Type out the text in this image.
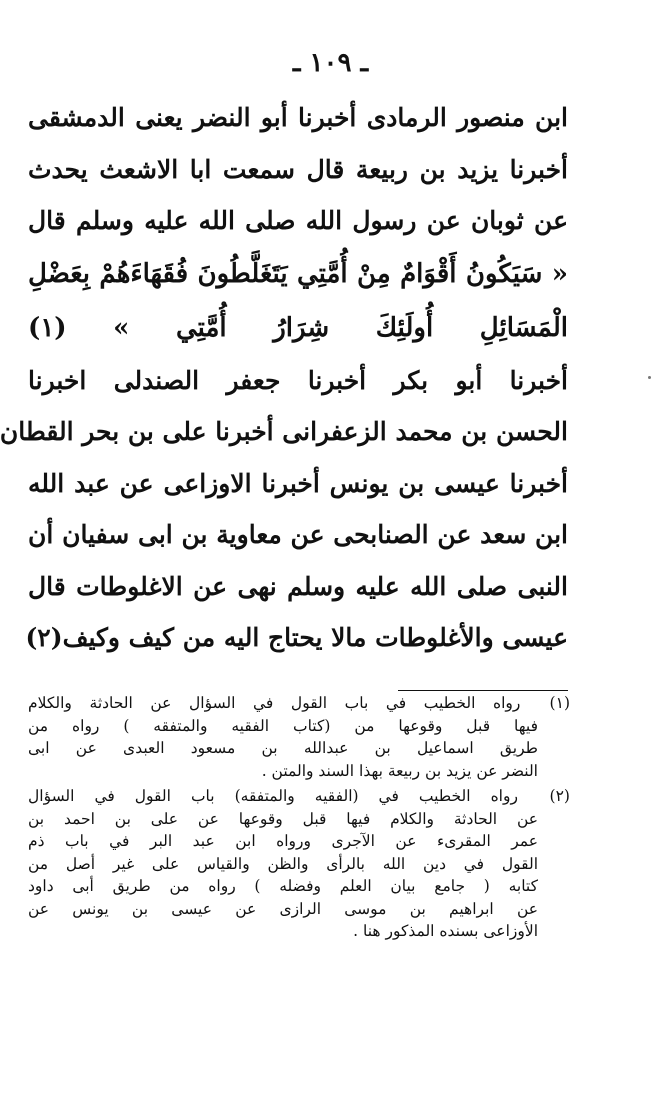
ـ ١٠٩ ـ
ابن منصور الرمادى أخبرنا أبو النضر يعنى الدمشقى
أخبرنا يزيد بن ربيعة قال سمعت ابا الاشعث يحدث
عن ثوبان عن رسول الله صلى الله عليه وسلم قال
« سَيَكُونُ أَقْوَامٌ مِنْ أُمَّتِي يَتَغَلَّطُونَ فُقَهَاءَهُمْ بِعَضْلِ
الْمَسَائِلِ أُولَئِكَ شِرَارُ أُمَّتِي » (١)
أخبرنا أبو بكر أخبرنا جعفر الصندلى اخبرنا
الحسن بن محمد الزعفرانى أخبرنا على بن بحر القطان
أخبرنا عيسى بن يونس أخبرنا الاوزاعى عن عبد الله
ابن سعد عن الصنابحى عن معاوية بن ابى سفيان أن
النبى صلى الله عليه وسلم نهى عن الاغلوطات قال
عيسى والأغلوطات مالا يحتاج اليه من كيف وكيف(٢)
(١) رواه الخطيب في باب القول في السؤال عن الحادثة والكلام
فيها قبل وقوعها من (كتاب الفقيه والمتفقه ) رواه من
طريق اسماعيل بن عبدالله بن مسعود العبدى عن ابى
النضر عن يزيد بن ربيعة بهذا السند والمتن .
(٢) رواه الخطيب في (الفقيه والمتفقه) باب القول في السؤال
عن الحادثة والكلام فيها قبل وقوعها عن على بن احمد بن
عمر المقرىء عن الآجرى ورواه ابن عبد البر في باب ذم
القول في دين الله بالرأى والظن والقياس على غير أصل من
كتابه ( جامع بيان العلم وفضله ) رواه من طريق أبى داود
عن ابراهيم بن موسى الرازى عن عيسى بن يونس عن
الأوزاعى بسنده المذكور هنا .
